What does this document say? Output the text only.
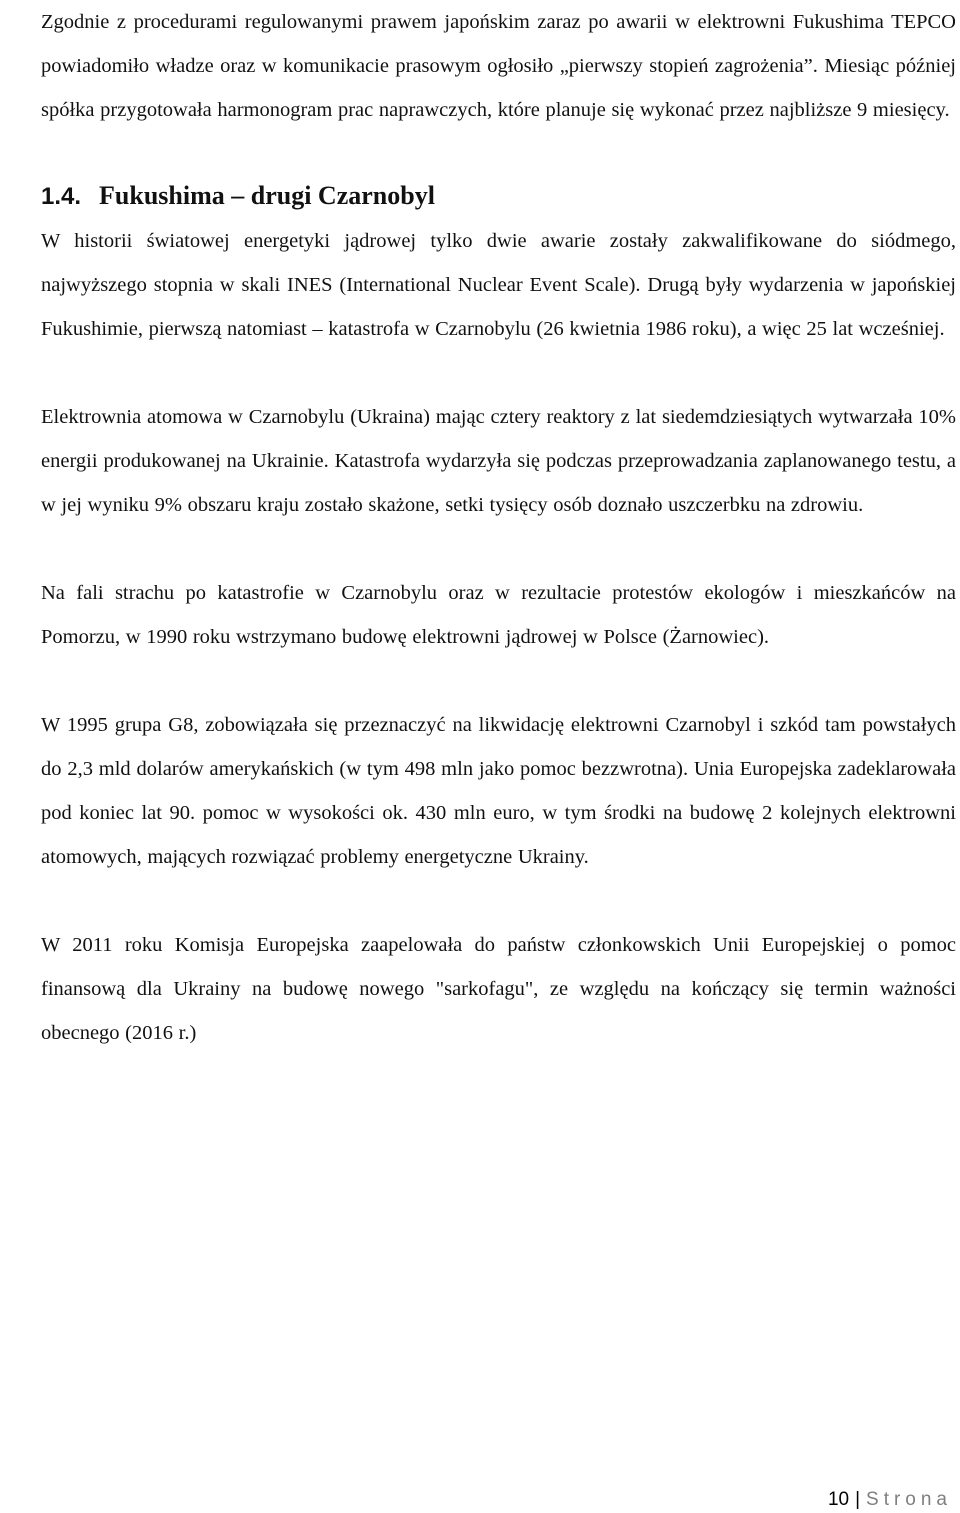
Zgodnie z procedurami regulowanymi prawem japońskim zaraz po awarii w elektrowni Fukushima TEPCO powiadomiło władze oraz w komunikacie prasowym ogłosiło „pierwszy stopień zagrożenia”. Miesiąc później spółka przygotowała harmonogram prac naprawczych, które planuje się wykonać przez najbliższe 9 miesięcy.

1.4. Fukushima – drugi Czarnobyl

W historii światowej energetyki jądrowej tylko dwie awarie zostały zakwalifikowane do siódmego, najwyższego stopnia w skali INES (International Nuclear Event Scale). Drugą były wydarzenia w japońskiej Fukushimie, pierwszą natomiast – katastrofa w Czarnobylu (26 kwietnia 1986 roku), a więc 25 lat wcześniej.

Elektrownia atomowa w Czarnobylu (Ukraina) mając cztery reaktory z lat siedemdziesiątych wytwarzała 10% energii produkowanej na Ukrainie. Katastrofa wydarzyła się podczas przeprowadzania zaplanowanego testu, a w jej wyniku 9% obszaru kraju zostało skażone, setki tysięcy osób doznało uszczerbku na zdrowiu.

Na fali strachu po katastrofie w Czarnobylu oraz w rezultacie protestów ekologów i mieszkańców na Pomorzu, w 1990 roku wstrzymano budowę elektrowni jądrowej w Polsce (Żarnowiec).

W 1995 grupa G8, zobowiązała się przeznaczyć na likwidację elektrowni Czarnobyl i szkód tam powstałych do 2,3 mld dolarów amerykańskich (w tym 498 mln jako pomoc bezzwrotna). Unia Europejska zadeklarowała pod koniec lat 90. pomoc w wysokości ok. 430 mln euro, w tym środki na budowę 2 kolejnych elektrowni atomowych, mających rozwiązać problemy energetyczne Ukrainy.

W 2011 roku Komisja Europejska zaapelowała do państw członkowskich Unii Europejskiej o pomoc finansową dla Ukrainy na budowę nowego "sarkofagu", ze względu na kończący się termin ważności obecnego (2016 r.)

10 | Strona
